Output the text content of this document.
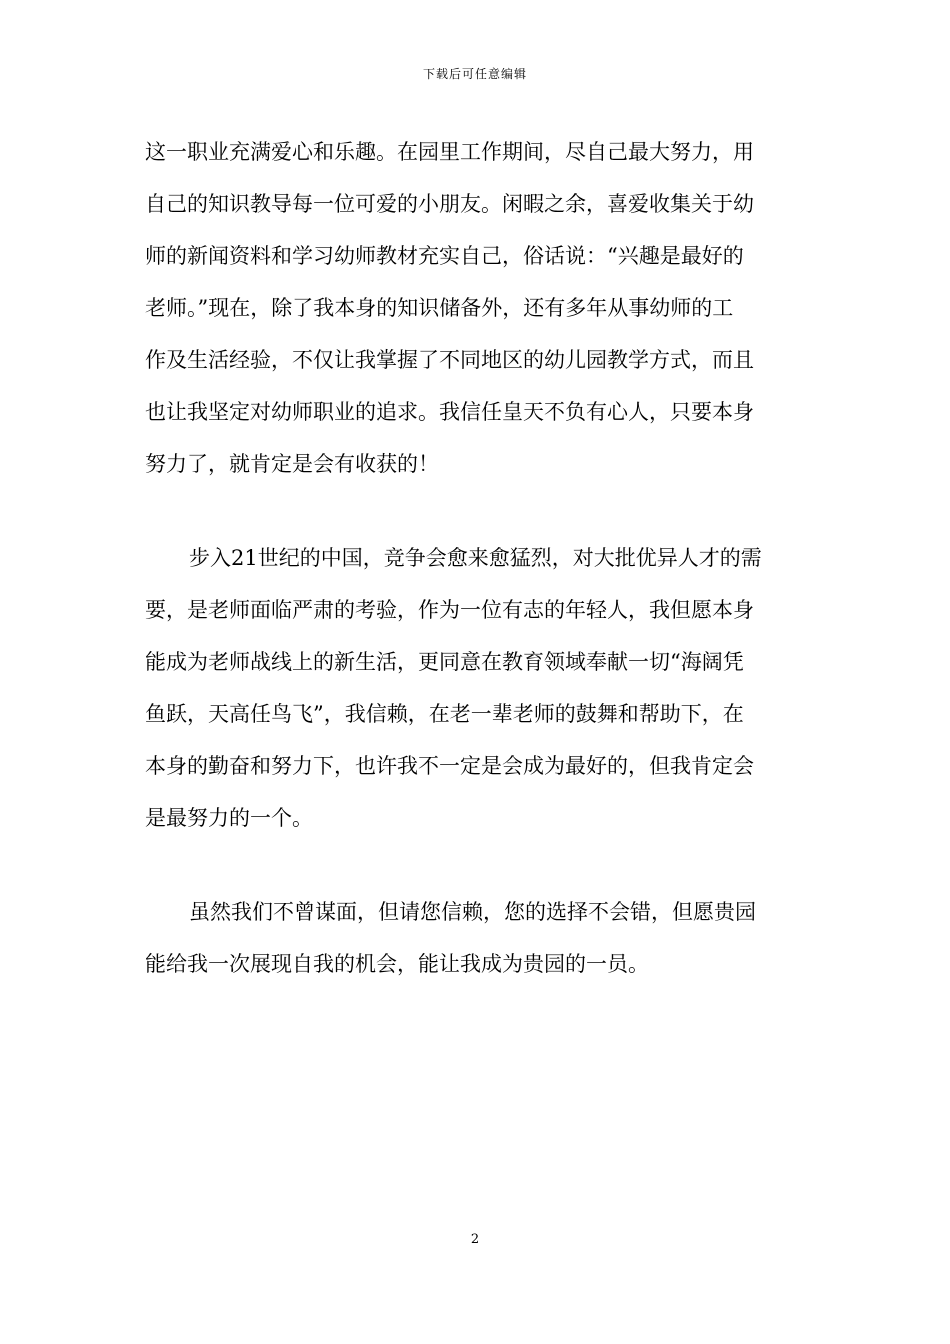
下载后可任意编辑
这一职业充满爱心和乐趣。在园里工作期间，尽自己最大努力，用
自己的知识教导每一位可爱的小朋友。闲暇之余，喜爱收集关于幼
师的新闻资料和学习幼师教材充实自己，俗话说：“兴趣是最好的
老师。”现在，除了我本身的知识储备外，还有多年从事幼师的工
作及生活经验，不仅让我掌握了不同地区的幼儿园教学方式，而且
也让我坚定对幼师职业的追求。我信任皇天不负有心人，只要本身
努力了，就肯定是会有收获的！
步入21世纪的中国，竞争会愈来愈猛烈，对大批优异人才的需
要，是老师面临严肃的考验，作为一位有志的年轻人，我但愿本身
能成为老师战线上的新生活，更同意在教育领域奉献一切“海阔凭
鱼跃，天高任鸟飞”，我信赖，在老一辈老师的鼓舞和帮助下，在
本身的勤奋和努力下，也许我不一定是会成为最好的，但我肯定会
是最努力的一个。
虽然我们不曾谋面，但请您信赖，您的选择不会错，但愿贵园
能给我一次展现自我的机会，能让我成为贵园的一员。
2
